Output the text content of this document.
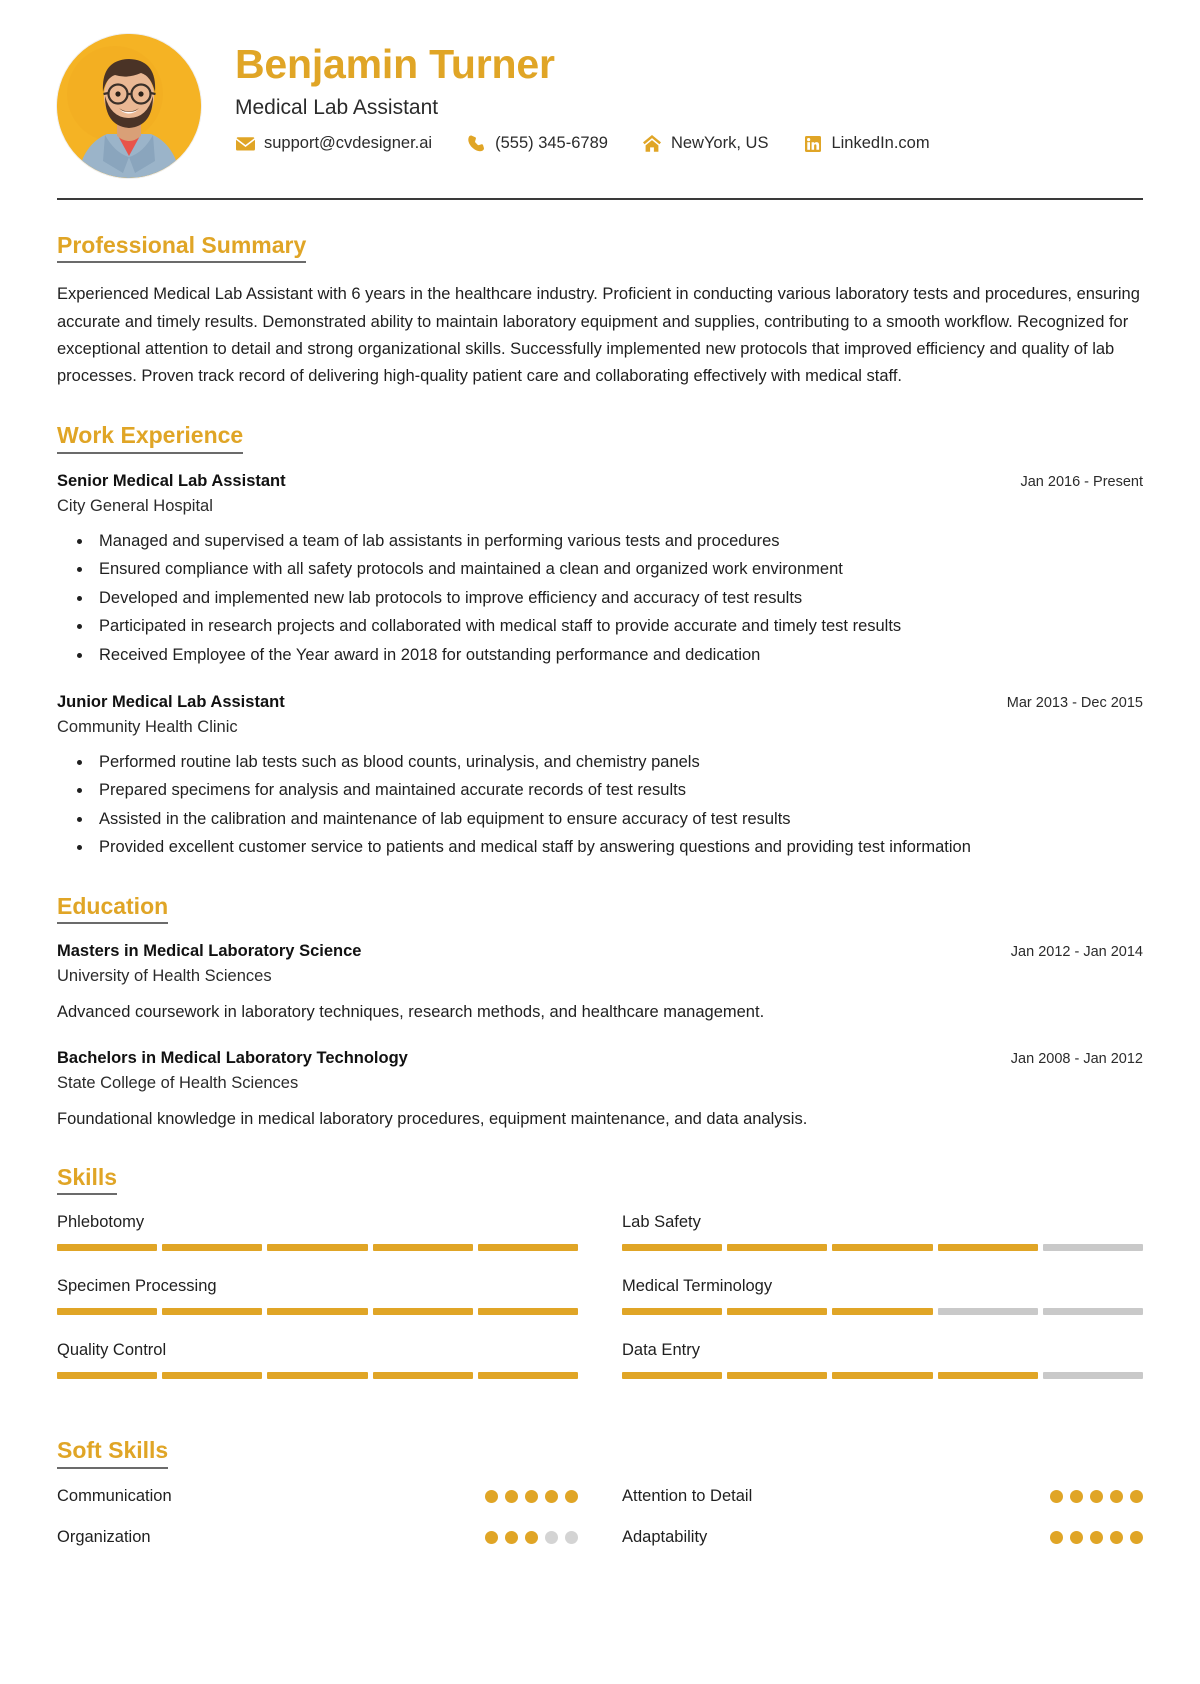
Benjamin Turner
Medical Lab Assistant
support@cvdesigner.ai	(555) 345-6789	NewYork, US	LinkedIn.com
Professional Summary
Experienced Medical Lab Assistant with 6 years in the healthcare industry. Proficient in conducting various laboratory tests and procedures, ensuring accurate and timely results. Demonstrated ability to maintain laboratory equipment and supplies, contributing to a smooth workflow. Recognized for exceptional attention to detail and strong organizational skills. Successfully implemented new protocols that improved efficiency and quality of lab processes. Proven track record of delivering high-quality patient care and collaborating effectively with medical staff.
Work Experience
Senior Medical Lab Assistant	Jan 2016 - Present
City General Hospital
• Managed and supervised a team of lab assistants in performing various tests and procedures
• Ensured compliance with all safety protocols and maintained a clean and organized work environment
• Developed and implemented new lab protocols to improve efficiency and accuracy of test results
• Participated in research projects and collaborated with medical staff to provide accurate and timely test results
• Received Employee of the Year award in 2018 for outstanding performance and dedication
Junior Medical Lab Assistant	Mar 2013 - Dec 2015
Community Health Clinic
• Performed routine lab tests such as blood counts, urinalysis, and chemistry panels
• Prepared specimens for analysis and maintained accurate records of test results
• Assisted in the calibration and maintenance of lab equipment to ensure accuracy of test results
• Provided excellent customer service to patients and medical staff by answering questions and providing test information
Education
Masters in Medical Laboratory Science	Jan 2012 - Jan 2014
University of Health Sciences
Advanced coursework in laboratory techniques, research methods, and healthcare management.
Bachelors in Medical Laboratory Technology	Jan 2008 - Jan 2012
State College of Health Sciences
Foundational knowledge in medical laboratory procedures, equipment maintenance, and data analysis.
Skills
Phlebotomy	Lab Safety
Specimen Processing	Medical Terminology
Quality Control	Data Entry
Soft Skills
Communication	Attention to Detail
Organization	Adaptability
